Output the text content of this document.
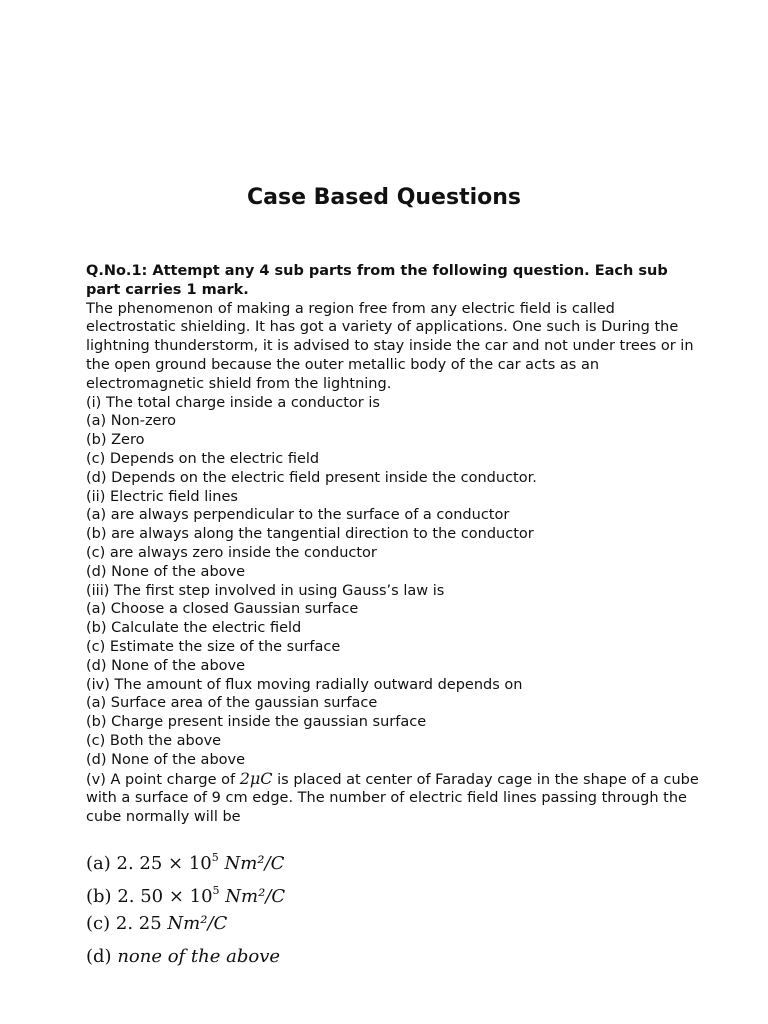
Case Based Questions
Q.No.1: Attempt any 4 sub parts from the following question. Each sub part carries 1 mark.
The phenomenon of making a region free from any electric field is called electrostatic shielding. It has got a variety of applications. One such is During the lightning thunderstorm, it is advised to stay inside the car and not under trees or in the open ground because the outer metallic body of the car acts as an electromagnetic shield from the lightning.
(i) The total charge inside a conductor is
(a) Non-zero
(b) Zero
(c) Depends on the electric field
(d) Depends on the electric field present inside the conductor.
(ii) Electric field lines
(a) are always perpendicular to the surface of a conductor
(b) are always along the tangential direction to the conductor
(c) are always zero inside the conductor
(d) None of the above
(iii) The first step involved in using Gauss’s law is
(a) Choose a closed Gaussian surface
(b) Calculate the electric field
(c) Estimate the size of the surface
(d) None of the above
(iv) The amount of flux moving radially outward depends on
(a) Surface area of the gaussian surface
(b) Charge present inside the gaussian surface
(c) Both the above
(d) None of the above
(v) A point charge of 2μC is placed at center of Faraday cage in the shape of a cube with a surface of 9 cm edge. The number of electric field lines passing through the cube normally will be
(a) 2. $25 \times 10^5$ Nm²/C
(b) 2. $50 \times 10^5$ Nm²/C
(c) 2. 25 Nm²/C
(d) none of the above
